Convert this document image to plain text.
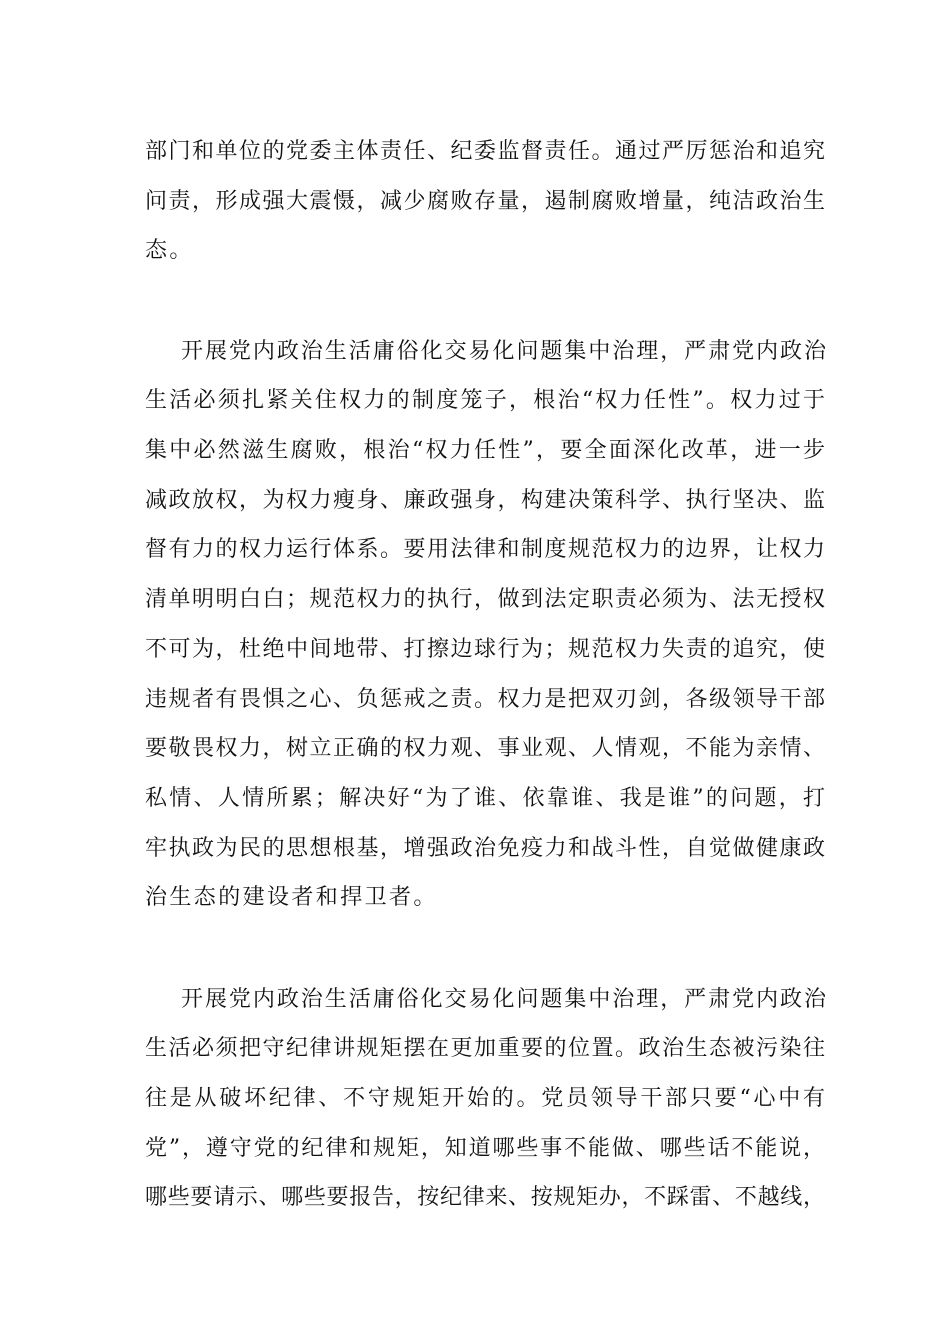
部门和单位的党委主体责任、纪委监督责任。通过严厉惩治和追究
问责，形成强大震慑，减少腐败存量，遏制腐败增量，纯洁政治生
态。
开展党内政治生活庸俗化交易化问题集中治理，严肃党内政治
生活必须扎紧关住权力的制度笼子，根治“权力任性”。权力过于
集中必然滋生腐败，根治“权力任性”，要全面深化改革，进一步
减政放权，为权力瘦身、廉政强身，构建决策科学、执行坚决、监
督有力的权力运行体系。要用法律和制度规范权力的边界，让权力
清单明明白白；规范权力的执行，做到法定职责必须为、法无授权
不可为，杜绝中间地带、打擦边球行为；规范权力失责的追究，使
违规者有畏惧之心、负惩戒之责。权力是把双刃剑，各级领导干部
要敬畏权力，树立正确的权力观、事业观、人情观，不能为亲情、
私情、人情所累；解决好“为了谁、依靠谁、我是谁”的问题，打
牢执政为民的思想根基，增强政治免疫力和战斗性，自觉做健康政
治生态的建设者和捍卫者。
开展党内政治生活庸俗化交易化问题集中治理，严肃党内政治
生活必须把守纪律讲规矩摆在更加重要的位置。政治生态被污染往
往是从破坏纪律、不守规矩开始的。党员领导干部只要“心中有
党”，遵守党的纪律和规矩，知道哪些事不能做、哪些话不能说，
哪些要请示、哪些要报告，按纪律来、按规矩办，不踩雷、不越线，
